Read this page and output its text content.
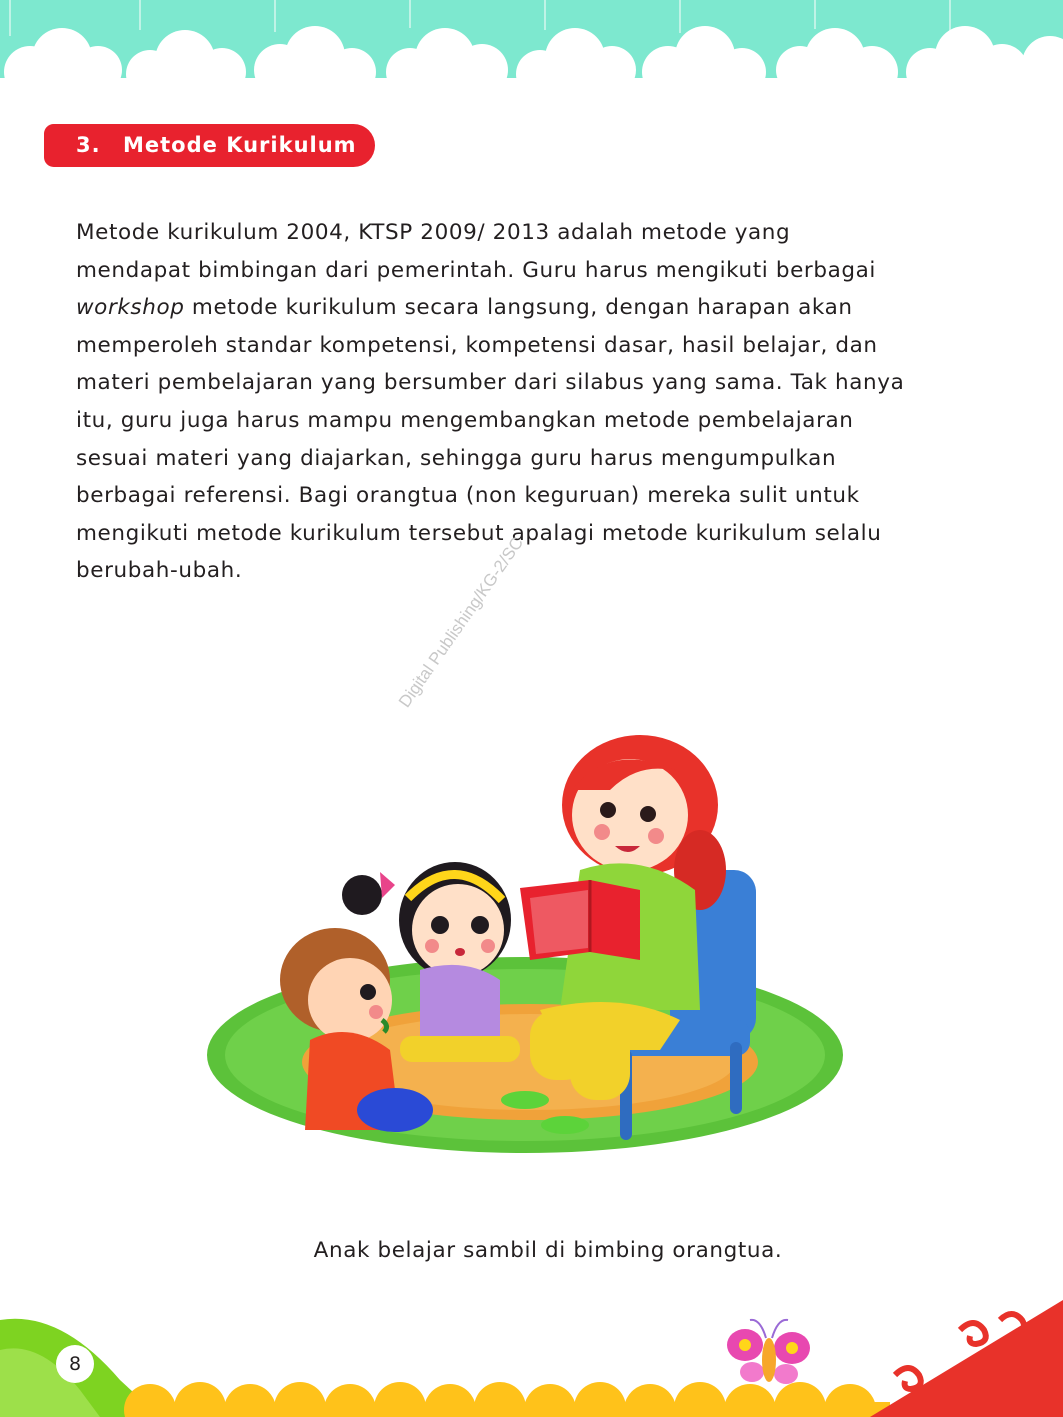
3. Metode Kurikulum
Metode kurikulum 2004, KTSP 2009/ 2013 adalah metode yang
mendapat bimbingan dari pemerintah. Guru harus mengikuti berbagai
workshop metode kurikulum secara langsung, dengan harapan akan
memperoleh standar kompetensi, kompetensi dasar, hasil belajar, dan
materi pembelajaran yang bersumber dari silabus yang sama. Tak hanya
itu, guru juga harus mampu mengembangkan metode pembelajaran
sesuai materi yang diajarkan, sehingga guru harus mengumpulkan
berbagai referensi. Bagi orangtua (non keguruan) mereka sulit untuk
mengikuti metode kurikulum tersebut apalagi metode kurikulum selalu
berubah-ubah.	Digital Publishing/KG-2/SC
Anak belajar sambil di bimbing orangtua.
8
